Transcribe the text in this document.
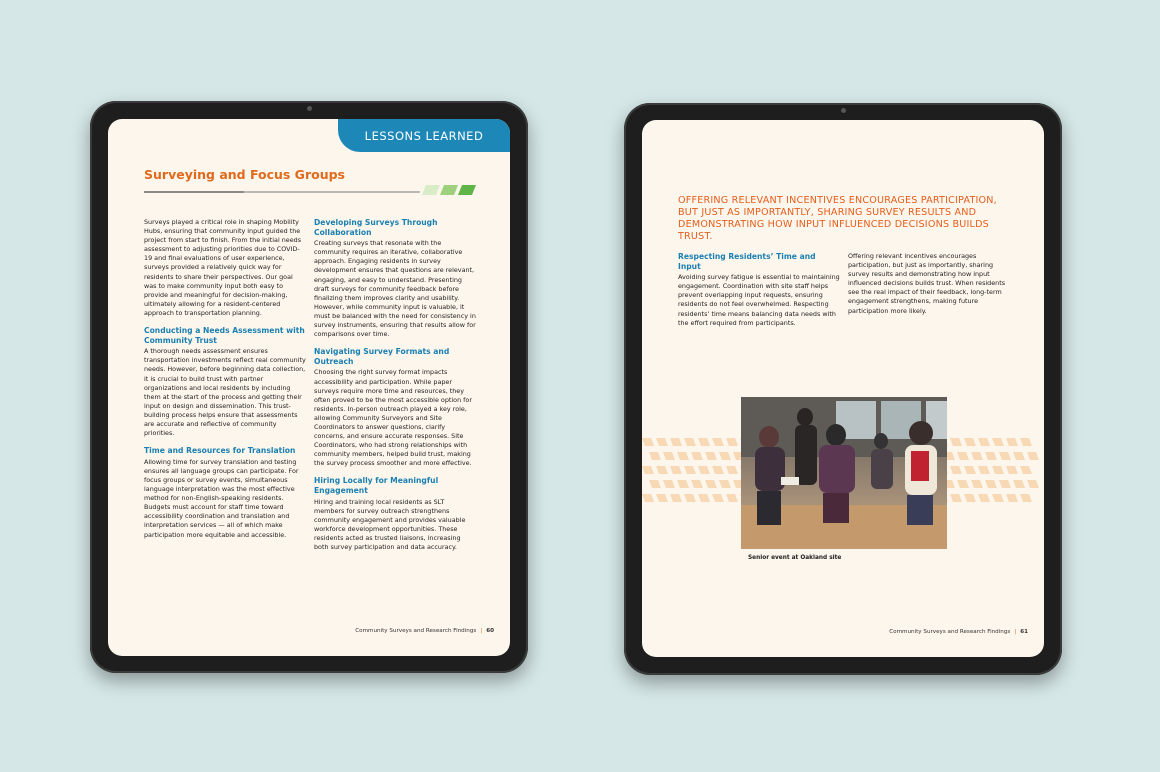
LESSONS LEARNED
Surveying and Focus Groups

Surveys played a critical role in shaping Mobility Hubs, ensuring that community input guided the project from start to finish. From the initial needs assessment to adjusting priorities due to COVID-19 and final evaluations of user experience, surveys provided a relatively quick way for residents to share their perspectives. Our goal was to make community input both easy to provide and meaningful for decision-making, ultimately allowing for a resident-centered approach to transportation planning.

Conducting a Needs Assessment with Community Trust

A thorough needs assessment ensures transportation investments reflect real community needs. However, before beginning data collection, it is crucial to build trust with partner organizations and local residents by including them at the start of the process and getting their input on design and dissemination. This trust-building process helps ensure that assessments are accurate and reflective of community priorities.

Time and Resources for Translation

Allowing time for survey translation and testing ensures all language groups can participate. For focus groups or survey events, simultaneous language interpretation was the most effective method for non-English-speaking residents. Budgets must account for staff time toward accessibility coordination and translation and interpretation services — all of which make participation more equitable and accessible.

Developing Surveys Through Collaboration

Creating surveys that resonate with the community requires an iterative, collaborative approach. Engaging residents in survey development ensures that questions are relevant, engaging, and easy to understand. Presenting draft surveys for community feedback before finalizing them improves clarity and usability. However, while community input is valuable, it must be balanced with the need for consistency in survey instruments, ensuring that results allow for comparisons over time.

Navigating Survey Formats and Outreach

Choosing the right survey format impacts accessibility and participation. While paper surveys require more time and resources, they often proved to be the most accessible option for residents. In-person outreach played a key role, allowing Community Surveyors and Site Coordinators to answer questions, clarify concerns, and ensure accurate responses. Site Coordinators, who had strong relationships with community members, helped build trust, making the survey process smoother and more effective.

Hiring Locally for Meaningful Engagement

Hiring and training local residents as SLT members for survey outreach strengthens community engagement and provides valuable workforce development opportunities. These residents acted as trusted liaisons, increasing both survey participation and data accuracy.

Community Surveys and Research Findings | 60
OFFERING RELEVANT INCENTIVES ENCOURAGES PARTICIPATION, BUT JUST AS IMPORTANTLY, SHARING SURVEY RESULTS AND DEMONSTRATING HOW INPUT INFLUENCED DECISIONS BUILDS TRUST.
Respecting Residents’ Time and Input

Avoiding survey fatigue is essential to maintaining engagement. Coordination with site staff helps prevent overlapping input requests, ensuring residents do not feel overwhelmed. Respecting residents’ time means balancing data needs with the effort required from participants.

Offering relevant incentives encourages participation, but just as importantly, sharing survey results and demonstrating how input influenced decisions builds trust. When residents see the real impact of their feedback, long-term engagement strengthens, making future participation more likely.

Senior event at Oakland site
Community Surveys and Research Findings | 61
